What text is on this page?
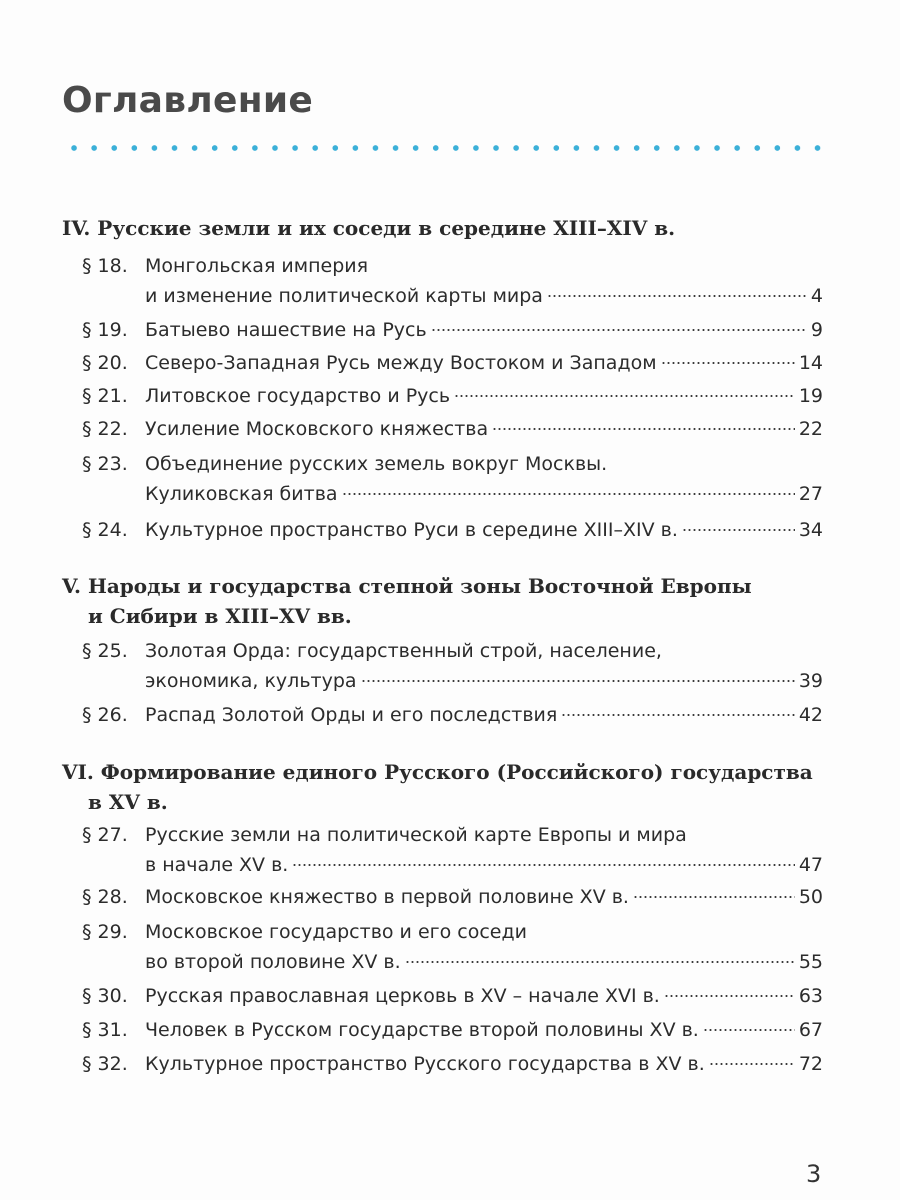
Оглавление
IV. Русские земли и их соседи в середине XIII–XIV в.
§ 18. Монгольская империя
и изменение политической карты мира	4
§ 19. Батыево нашествие на Русь	9
§ 20. Северо-Западная Русь между Востоком и Западом	14
§ 21. Литовское государство и Русь	19
§ 22. Усиление Московского княжества	22
§ 23. Объединение русских земель вокруг Москвы.
Куликовская битва	27
§ 24. Культурное пространство Руси в середине XIII–XIV в.	34
V. Народы и государства степной зоны Восточной Европы
и Сибири в XIII–XV вв.
§ 25. Золотая Орда: государственный строй, население,
экономика, культура	39
§ 26. Распад Золотой Орды и его последствия	42
VI. Формирование единого Русского (Российского) государства
в XV в.
§ 27. Русские земли на политической карте Европы и мира
в начале XV в.	47
§ 28. Московское княжество в первой половине XV в.	50
§ 29. Московское государство и его соседи
во второй половине XV в.	55
§ 30. Русская православная церковь в XV – начале XVI в.	63
§ 31. Человек в Русском государстве второй половины XV в.	67
§ 32. Культурное пространство Русского государства в XV в.	72
3
